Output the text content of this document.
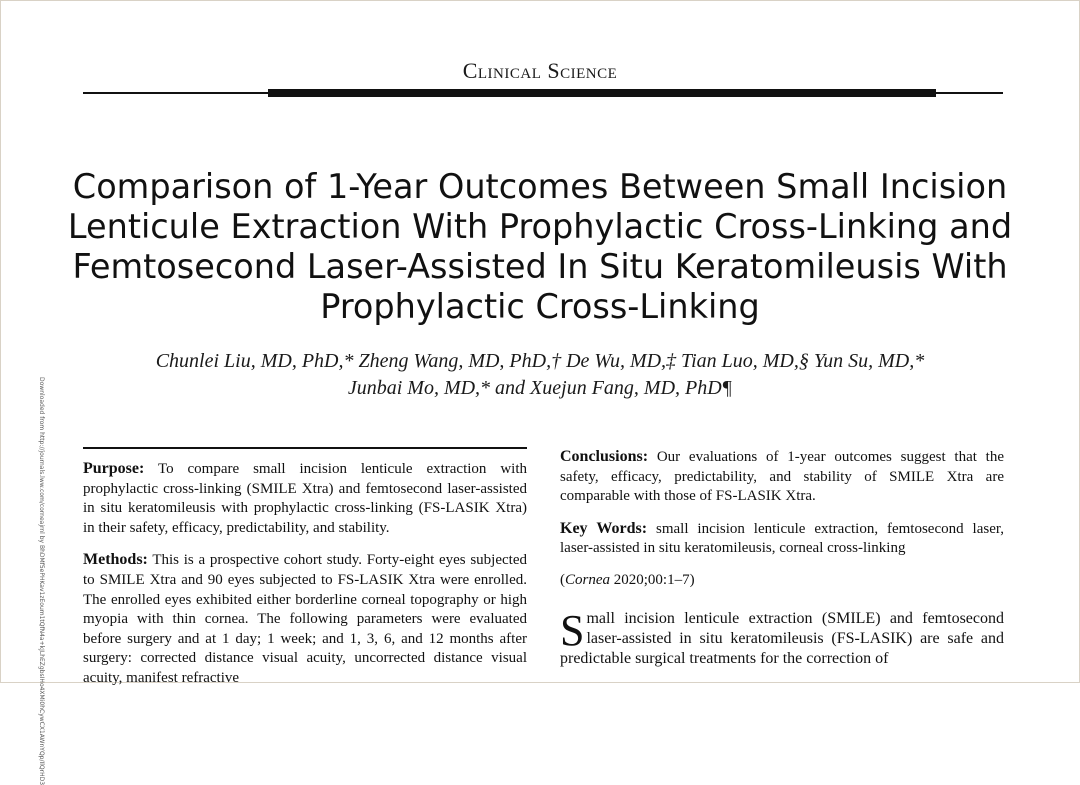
Clinical Science
Comparison of 1-Year Outcomes Between Small Incision Lenticule Extraction With Prophylactic Cross-Linking and Femtosecond Laser-Assisted In Situ Keratomileusis With Prophylactic Cross-Linking
Chunlei Liu, MD, PhD,* Zheng Wang, MD, PhD,† De Wu, MD,‡ Tian Luo, MD,§ Yun Su, MD,*
Junbai Mo, MD,* and Xuejun Fang, MD, PhD¶
Downloaded from http://journals.lww.com/corneajrnl by BhDMf5ePHKav1zEoum1tQfN4a+kJLhEZgbsIHo4XMi0hCywCX1AWnYQp/IlQrHD3 Purpose: To compare small incision lenticule extraction with prophylactic cross-linking (SMILE Xtra) and femtosecond laser-assisted in situ keratomileusis with prophylactic cross-linking (FS-LASIK Xtra) in their safety, efficacy, predictability, and stability.

Methods: This is a prospective cohort study. Forty-eight eyes subjected to SMILE Xtra and 90 eyes subjected to FS-LASIK Xtra were enrolled. The enrolled eyes exhibited either borderline corneal topography or high myopia with thin cornea. The following parameters were evaluated before surgery and at 1 day; 1 week; and 1, 3, 6, and 12 months after surgery: corrected distance visual acuity, uncorrected distance visual acuity, manifest refractive

Conclusions: Our evaluations of 1-year outcomes suggest that the safety, efficacy, predictability, and stability of SMILE Xtra are comparable with those of FS-LASIK Xtra.

Key Words: small incision lenticule extraction, femtosecond laser, laser-assisted in situ keratomileusis, corneal cross-linking

(Cornea 2020;00:1–7)

Small incision lenticule extraction (SMILE) and femtosecond laser-assisted in situ keratomileusis (FS-LASIK) are safe and predictable surgical treatments for the correction of
